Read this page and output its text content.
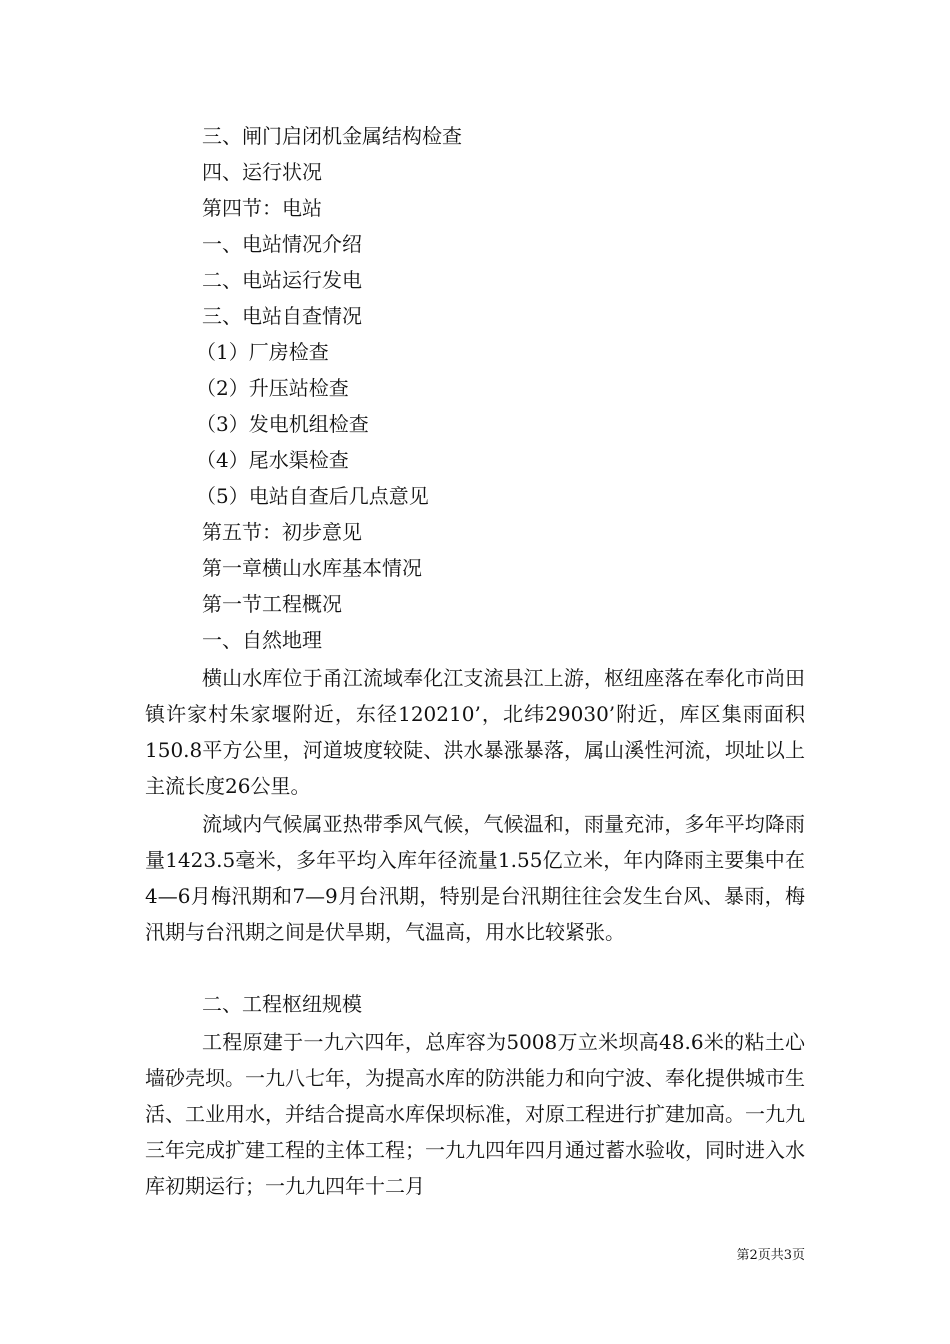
三、闸门启闭机金属结构检查
四、运行状况
第四节：电站
一、电站情况介绍
二、电站运行发电
三、电站自查情况
（1）厂房检查
（2）升压站检查
（3）发电机组检查
（4）尾水渠检查
（5）电站自查后几点意见
第五节：初步意见
第一章横山水库基本情况
第一节工程概况
一、自然地理

横山水库位于甬江流域奉化江支流县江上游，枢纽座落在奉化市尚田镇许家村朱家堰附近，东径120210’，北纬29030’附近，库区集雨面积150.8平方公里，河道坡度较陡、洪水暴涨暴落，属山溪性河流，坝址以上主流长度26公里。

流域内气候属亚热带季风气候，气候温和，雨量充沛，多年平均降雨量1423.5毫米，多年平均入库年径流量1.55亿立米，年内降雨主要集中在4—6月梅汛期和7—9月台汛期，特别是台汛期往往会发生台风、暴雨，梅汛期与台汛期之间是伏旱期，气温高，用水比较紧张。

二、工程枢纽规模

工程原建于一九六四年，总库容为5008万立米坝高48.6米的粘土心墙砂壳坝。一九八七年，为提高水库的防洪能力和向宁波、奉化提供城市生活、工业用水，并结合提高水库保坝标准，对原工程进行扩建加高。一九九三年完成扩建工程的主体工程；一九九四年四月通过蓄水验收，同时进入水库初期运行；一九九四年十二月

第2页共3页
